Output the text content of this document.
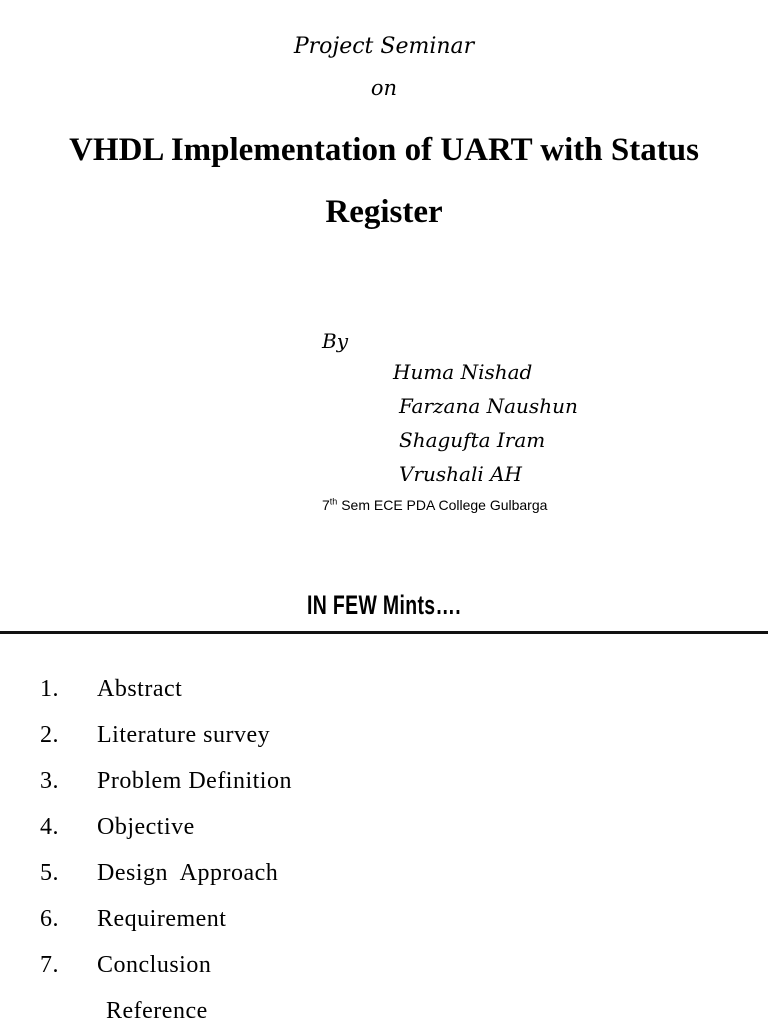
Project Seminar
on
VHDL Implementation of UART with Status
Register
By
Huma Nishad
Farzana Naushun
Shagufta Iram
Vrushali AH
7th Sem ECE PDA College Gulbarga
IN FEW Mints….
1. Abstract
2. Literature survey
3. Problem Definition
4. Objective
5. Design  Approach
6. Requirement
7. Conclusion
Reference
